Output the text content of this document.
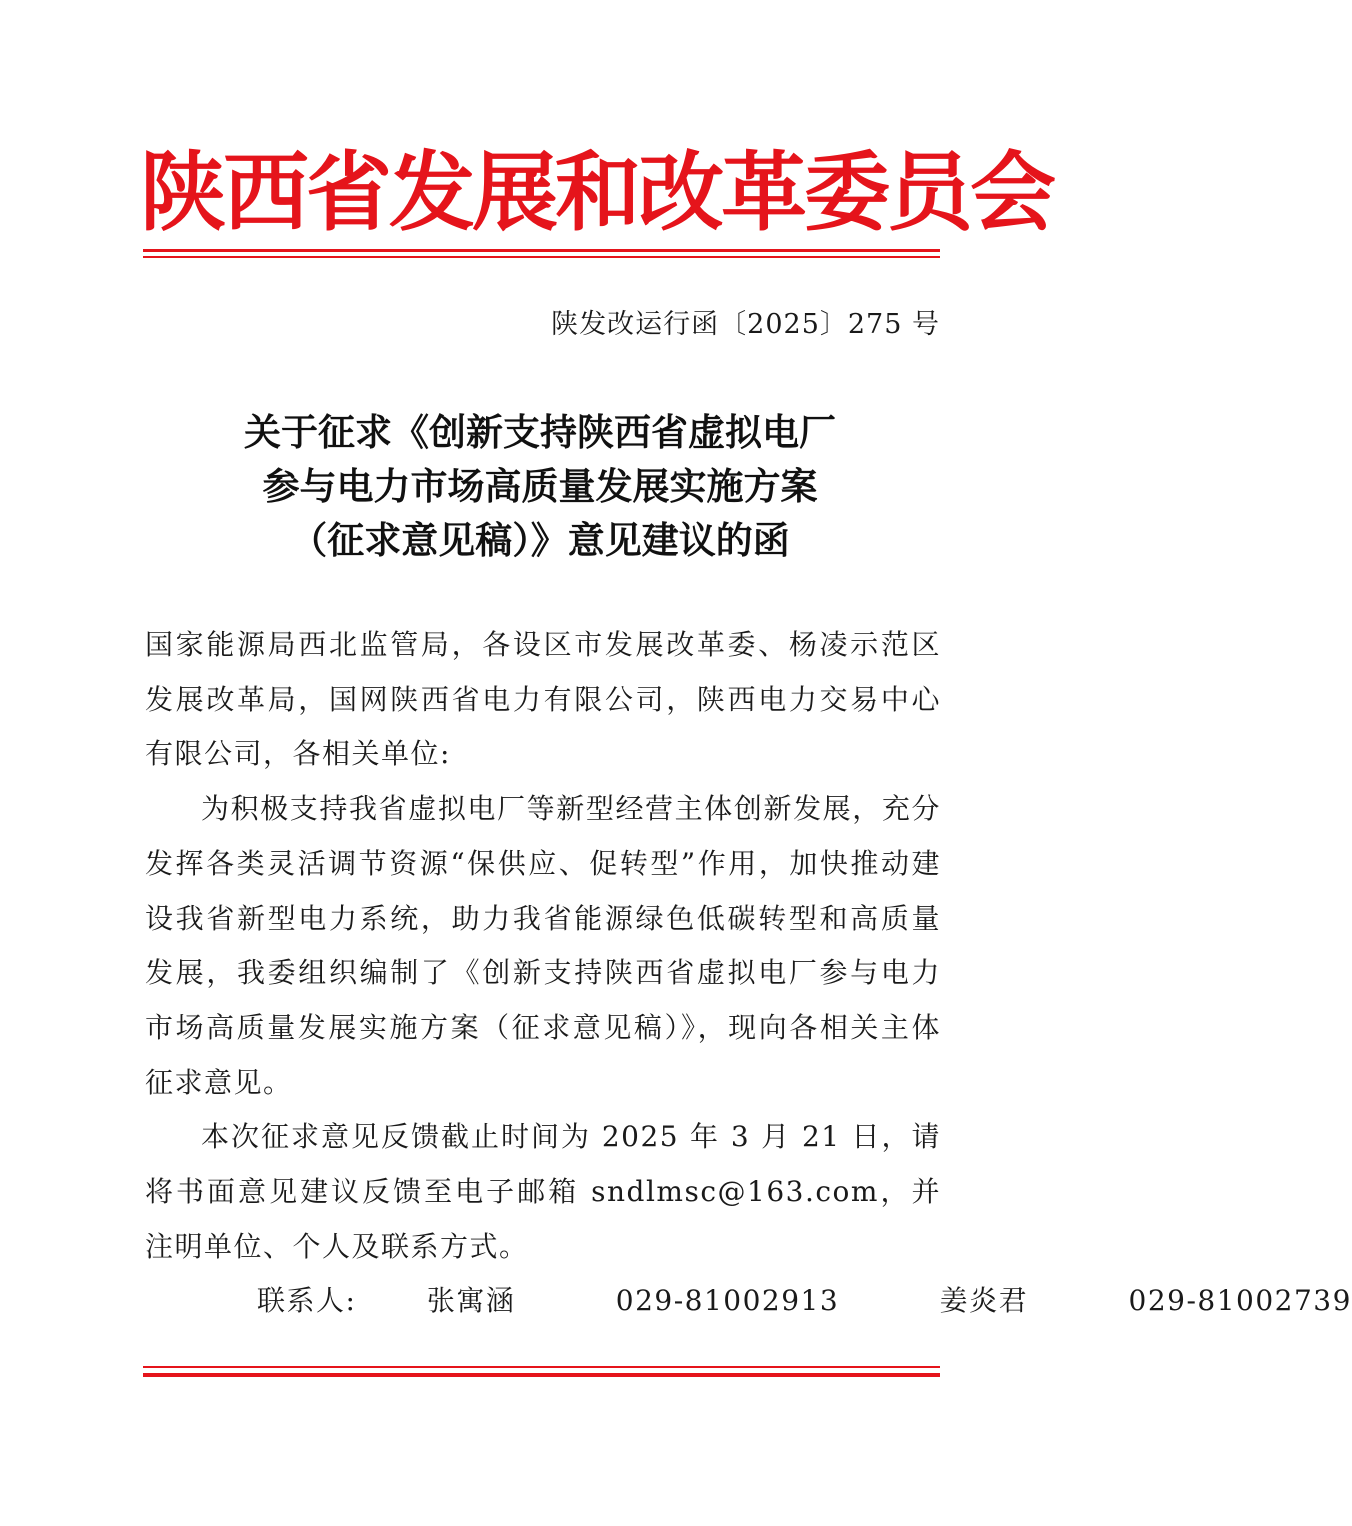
陕西省发展和改革委员会
陕发改运行函〔2025〕275 号
关于征求《创新支持陕西省虚拟电厂
参与电力市场高质量发展实施方案
（征求意见稿）》意见建议的函

国家能源局西北监管局，各设区市发展改革委、杨凌示范区发展改革局，国网陕西省电力有限公司，陕西电力交易中心有限公司，各相关单位:

为积极支持我省虚拟电厂等新型经营主体创新发展，充分发挥各类灵活调节资源“保供应、促转型”作用，加快推动建设我省新型电力系统，助力我省能源绿色低碳转型和高质量发展，我委组织编制了《创新支持陕西省虚拟电厂参与电力市场高质量发展实施方案（征求意见稿）》，现向各相关主体征求意见。

本次征求意见反馈截止时间为 2025 年 3 月 21 日，请将书面意见建议反馈至电子邮箱 sndlmsc@163.com，并注明单位、个人及联系方式。

联系人:	张寓涵	029-81002913	姜炎君	029-81002739
